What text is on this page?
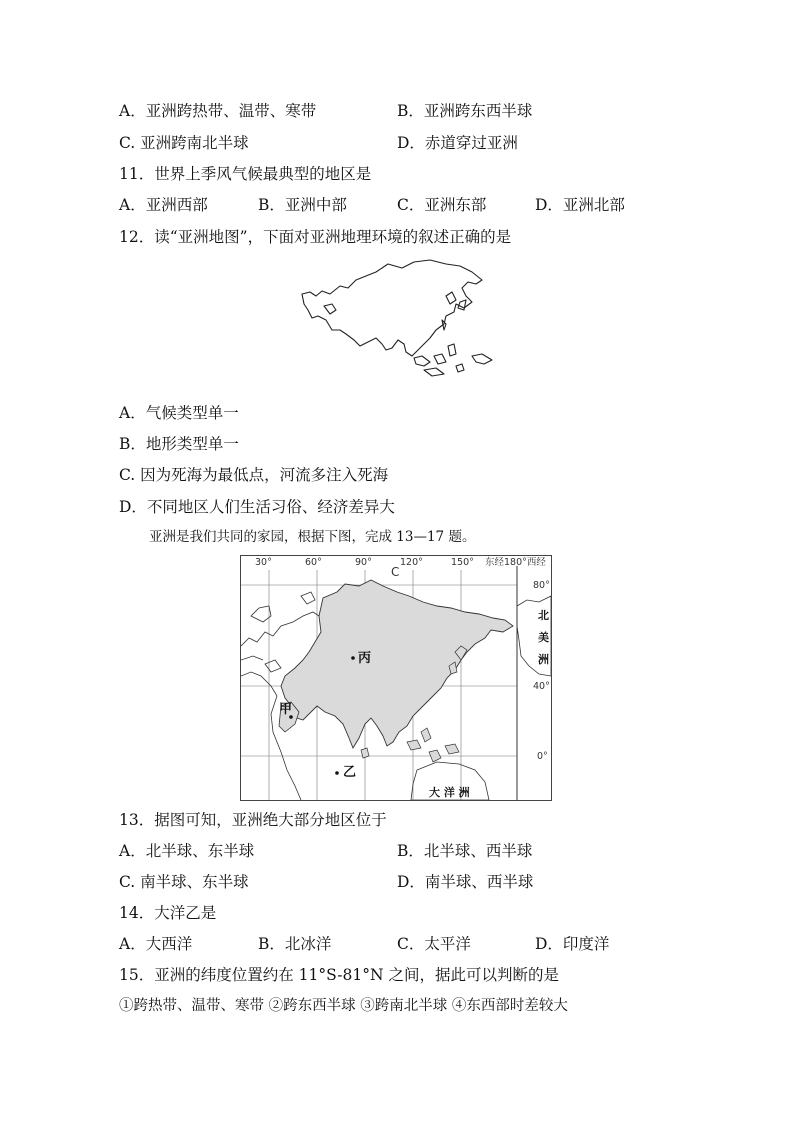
A．亚洲跨热带、温带、寒带	B．亚洲跨东西半球
C. 亚洲跨南北半球	D．赤道穿过亚洲
11．世界上季风气候最典型的地区是
A．亚洲西部	B．亚洲中部	C．亚洲东部	D．亚洲北部
12．读“亚洲地图”，下面对亚洲地理环境的叙述正确的是
A．气候类型单一
B．地形类型单一
C. 因为死海为最低点，河流多注入死海
D．不同地区人们生活习俗、经济差异大
亚洲是我们共同的家园，根据下图，完成 13—17 题。
30°	60°	90°	120°	150° 东经180°西经
80°
40°
0°
C
丙
甲
乙
北
美
洲
大 洋 洲
13．据图可知，亚洲绝大部分地区位于
A．北半球、东半球	B．北半球、西半球
C. 南半球、东半球	D．南半球、西半球
14．大洋乙是
A．大西洋	B．北冰洋	C．太平洋	D．印度洋
15．亚洲的纬度位置约在 11°S-81°N 之间，据此可以判断的是
①跨热带、温带、寒带 ②跨东西半球 ③跨南北半球 ④东西部时差较大
